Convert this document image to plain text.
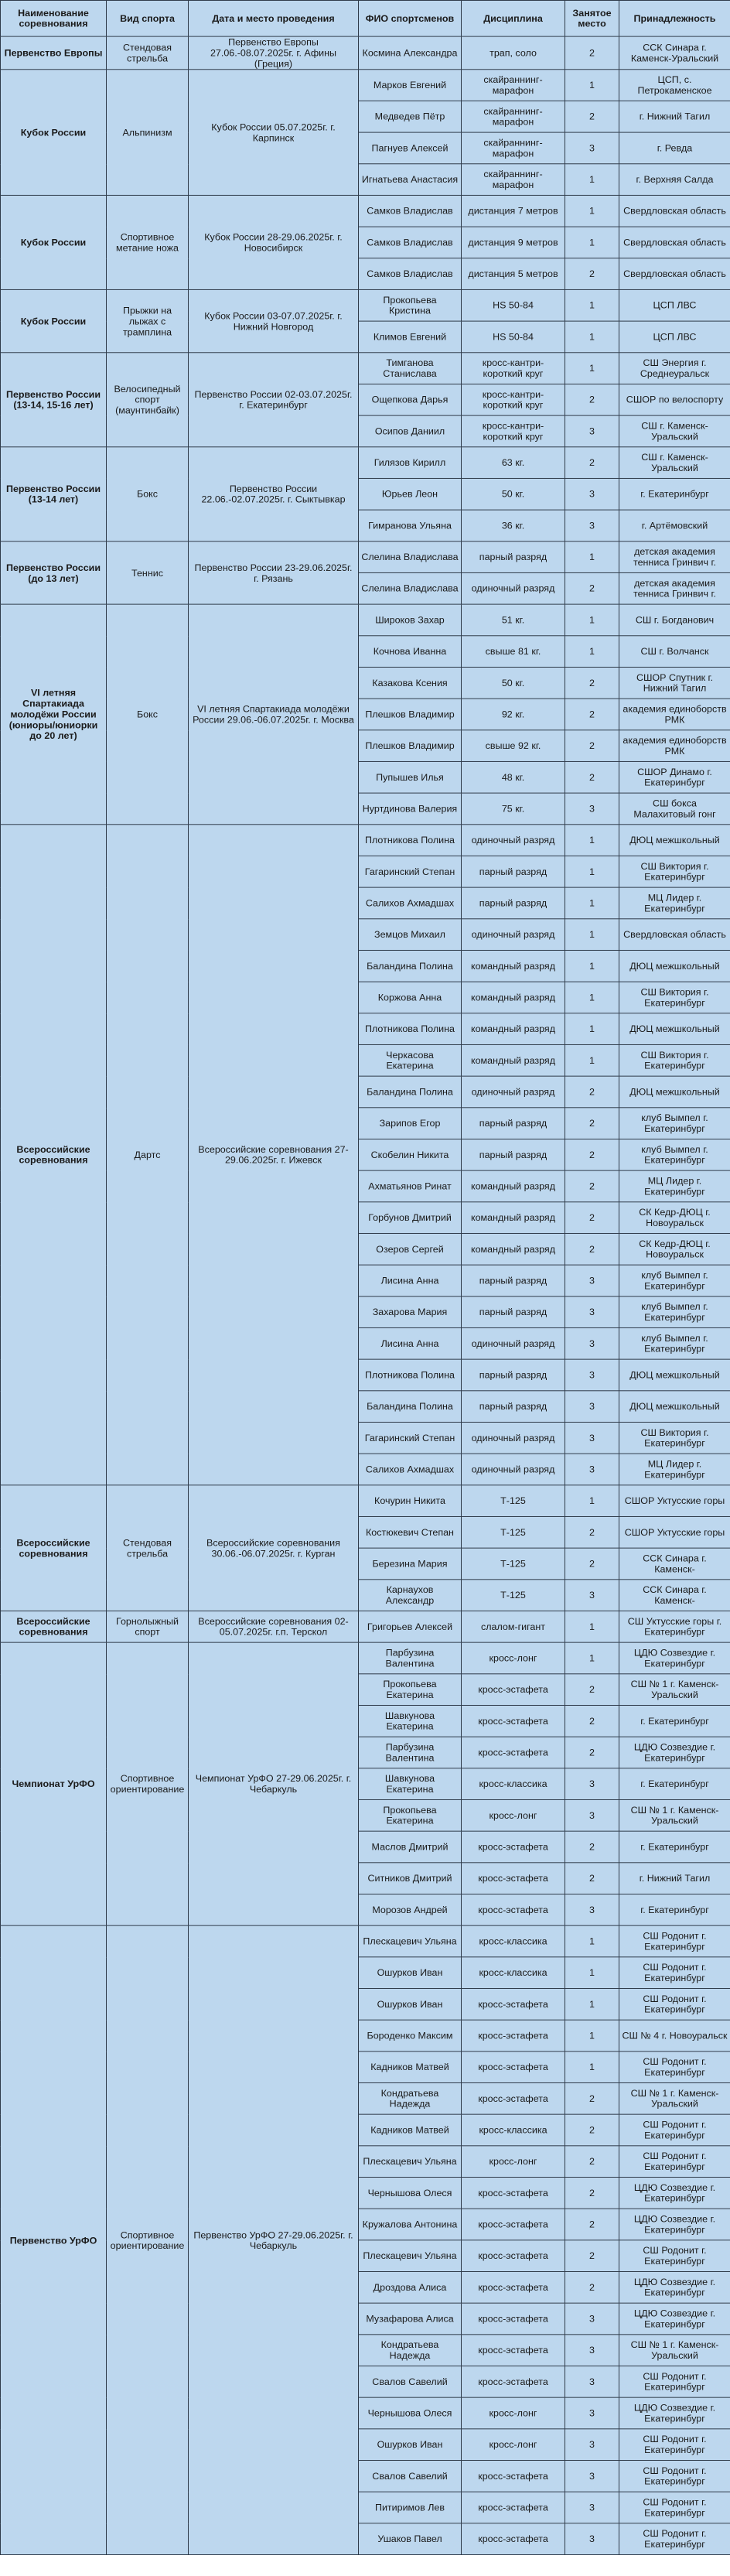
Наименование соревнования	Вид спорта	Дата и место проведения	ФИО спортсменов	Дисциплина	Занятое место	Принадлежность
Первенство Европы	Стендовая стрельба	Первенство Европы 27.06.-08.07.2025г. г. Афины (Греция)	Космина Александра	трап, соло	2	ССК Синара г. Каменск-Уральский
Кубок России	Альпинизм	Кубок России 05.07.2025г. г. Карпинск	Марков Евгений	скайраннинг-марафон	1	ЦСП, с. Петрокаменское
			Медведев Пётр	скайраннинг-марафон	2	г. Нижний Тагил
			Пагнуев Алексей	скайраннинг-марафон	3	г. Ревда
			Игнатьева Анастасия	скайраннинг-марафон	1	г. Верхняя Салда
Кубок России	Спортивное метание ножа	Кубок России 28-29.06.2025г. г. Новосибирск	Самков Владислав	дистанция 7 метров	1	Свердловская область
			Самков Владислав	дистанция 9 метров	1	Свердловская область
			Самков Владислав	дистанция 5 метров	2	Свердловская область
Кубок России	Прыжки на лыжах с трамплина	Кубок России 03-07.07.2025г. г. Нижний Новгород	Прокопьева Кристина	HS 50-84	1	ЦСП ЛВС
			Климов Евгений	HS 50-84	1	ЦСП ЛВС
Первенство России (13-14, 15-16 лет)	Велосипедный спорт (маунтинбайк)	Первенство России 02-03.07.2025г. г. Екатеринбург	Тимганова Станислава	кросс-кантри-короткий круг	1	СШ Энергия г. Среднеуральск
			Ощепкова Дарья	кросс-кантри-короткий круг	2	СШОР по велоспорту
			Осипов Даниил	кросс-кантри-короткий круг	3	СШ г. Каменск-Уральский
Первенство России (13-14 лет)	Бокс	Первенство России 22.06.-02.07.2025г. г. Сыктывкар	Гилязов Кирилл	63 кг.	2	СШ г. Каменск-Уральский
			Юрьев Леон	50 кг.	3	г. Екатеринбург
			Гимранова Ульяна	36 кг.	3	г. Артёмовский
Первенство России (до 13 лет)	Теннис	Первенство России 23-29.06.2025г. г. Рязань	Слелина Владислава	парный разряд	1	детская академия тенниса Гринвич г.
			Слелина Владислава	одиночный разряд	2	детская академия тенниса Гринвич г.
VI летняя Спартакиада молодёжи России (юниоры/юниорки до 20 лет)	Бокс	VI летняя Спартакиада молодёжи России 29.06.-06.07.2025г. г. Москва	Широков Захар	51 кг.	1	СШ г. Богданович
			Кочнова Иванна	свыше 81 кг.	1	СШ г. Волчанск
			Казакова Ксения	50 кг.	2	СШОР Спутник г. Нижний Тагил
			Плешков Владимир	92 кг.	2	академия единоборств РМК
			Плешков Владимир	свыше 92 кг.	2	академия единоборств РМК
			Пупышев Илья	48 кг.	2	СШОР Динамо г. Екатеринбург
			Нуртдинова Валерия	75 кг.	3	СШ бокса Малахитовый гонг
Всероссийские соревнования	Дартс	Всероссийские соревнования 27-29.06.2025г. г. Ижевск	Плотникова Полина	одиночный разряд	1	ДЮЦ межшкольный
			Гагаринский Степан	парный разряд	1	СШ Виктория г. Екатеринбург
			Салихов Ахмадшах	парный разряд	1	МЦ Лидер г. Екатеринбург
			Земцов Михаил	одиночный разряд	1	Свердловская область
			Баландина Полина	командный разряд	1	ДЮЦ межшкольный
			Коржова Анна	командный разряд	1	СШ Виктория г. Екатеринбург
			Плотникова Полина	командный разряд	1	ДЮЦ межшкольный
			Черкасова Екатерина	командный разряд	1	СШ Виктория г. Екатеринбург
			Баландина Полина	одиночный разряд	2	ДЮЦ межшкольный
			Зарипов Егор	парный разряд	2	клуб Вымпел г. Екатеринбург
			Скобелин Никита	парный разряд	2	клуб Вымпел г. Екатеринбург
			Ахматьянов Ринат	командный разряд	2	МЦ Лидер г. Екатеринбург
			Горбунов Дмитрий	командный разряд	2	СК Кедр-ДЮЦ г. Новоуральск
			Озеров Сергей	командный разряд	2	СК Кедр-ДЮЦ г. Новоуральск
			Лисина Анна	парный разряд	3	клуб Вымпел г. Екатеринбург
			Захарова Мария	парный разряд	3	клуб Вымпел г. Екатеринбург
			Лисина Анна	одиночный разряд	3	клуб Вымпел г. Екатеринбург
			Плотникова Полина	парный разряд	3	ДЮЦ межшкольный
			Баландина Полина	парный разряд	3	ДЮЦ межшкольный
			Гагаринский Степан	одиночный разряд	3	СШ Виктория г. Екатеринбург
			Салихов Ахмадшах	одиночный разряд	3	МЦ Лидер г. Екатеринбург
Всероссийские соревнования	Стендовая стрельба	Всероссийские соревнования 30.06.-06.07.2025г. г. Курган	Кочурин Никита	Т-125	1	СШОР Уктусские горы
			Костюкевич Степан	Т-125	2	СШОР Уктусские горы
			Березина Мария	Т-125	2	ССК Синара г. Каменск-
			Карнаухов Александр	Т-125	3	ССК Синара г. Каменск-
Всероссийские соревнования	Горнолыжный спорт	Всероссийские соревнования 02-05.07.2025г. г.п. Терскол	Григорьев Алексей	слалом-гигант	1	СШ Уктусские горы г. Екатеринбург
Чемпионат УрФО	Спортивное ориентирование	Чемпионат УрФО 27-29.06.2025г. г. Чебаркуль	Парбузина Валентина	кросс-лонг	1	ЦДЮ Созвездие г. Екатеринбург
			Прокопьева Екатерина	кросс-эстафета	2	СШ № 1 г. Каменск-Уральский
			Шавкунова Екатерина	кросс-эстафета	2	г. Екатеринбург
			Парбузина Валентина	кросс-эстафета	2	ЦДЮ Созвездие г. Екатеринбург
			Шавкунова Екатерина	кросс-классика	3	г. Екатеринбург
			Прокопьева Екатерина	кросс-лонг	3	СШ № 1 г. Каменск-Уральский
			Маслов Дмитрий	кросс-эстафета	2	г. Екатеринбург
			Ситников Дмитрий	кросс-эстафета	2	г. Нижний Тагил
			Морозов Андрей	кросс-эстафета	3	г. Екатеринбург
Первенство УрФО	Спортивное ориентирование	Первенство УрФО 27-29.06.2025г. г. Чебаркуль	Плескацевич Ульяна	кросс-классика	1	СШ Родонит г. Екатеринбург
			Ошурков Иван	кросс-классика	1	СШ Родонит г. Екатеринбург
			Ошурков Иван	кросс-эстафета	1	СШ Родонит г. Екатеринбург
			Бороденко Максим	кросс-эстафета	1	СШ № 4 г. Новоуральск
			Кадников Матвей	кросс-эстафета	1	СШ Родонит г. Екатеринбург
			Кондратьева Надежда	кросс-эстафета	2	СШ № 1 г. Каменск-Уральский
			Кадников Матвей	кросс-классика	2	СШ Родонит г. Екатеринбург
			Плескацевич Ульяна	кросс-лонг	2	СШ Родонит г. Екатеринбург
			Чернышова Олеся	кросс-эстафета	2	ЦДЮ Созвездие г. Екатеринбург
			Кружалова Антонина	кросс-эстафета	2	ЦДЮ Созвездие г. Екатеринбург
			Плескацевич Ульяна	кросс-эстафета	2	СШ Родонит г. Екатеринбург
			Дроздова Алиса	кросс-эстафета	2	ЦДЮ Созвездие г. Екатеринбург
			Музафарова Алиса	кросс-эстафета	3	ЦДЮ Созвездие г. Екатеринбург
			Кондратьева Надежда	кросс-эстафета	3	СШ № 1 г. Каменск-Уральский
			Свалов Савелий	кросс-эстафета	3	СШ Родонит г. Екатеринбург
			Чернышова Олеся	кросс-лонг	3	ЦДЮ Созвездие г. Екатеринбург
			Ошурков Иван	кросс-лонг	3	СШ Родонит г. Екатеринбург
			Свалов Савелий	кросс-эстафета	3	СШ Родонит г. Екатеринбург
			Питиримов Лев	кросс-эстафета	3	СШ Родонит г. Екатеринбург
			Ушаков Павел	кросс-эстафета	3	СШ Родонит г. Екатеринбург
